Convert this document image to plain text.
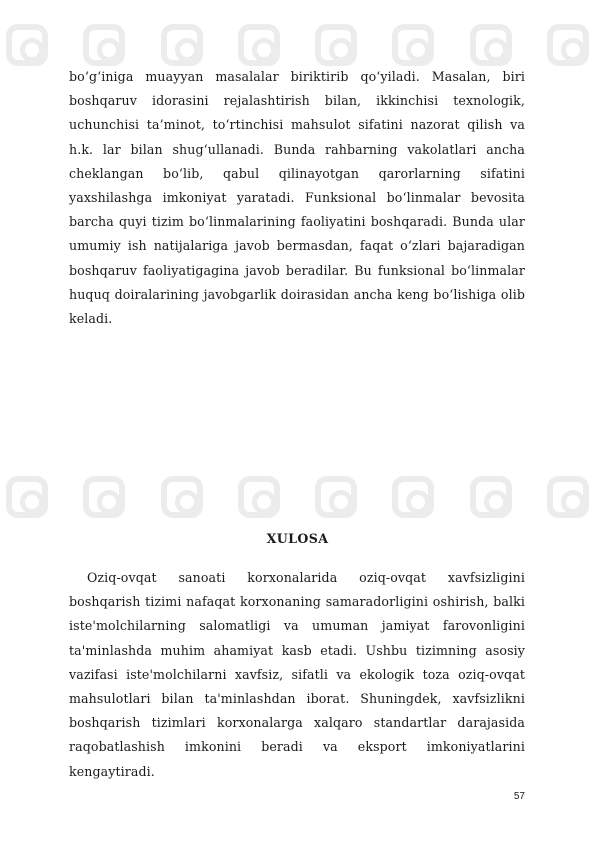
bo‘g‘iniga muayyan masalalar biriktirib qo‘yiladi. Masalan, biri boshqaruv idorasini rejalashtirish bilan, ikkinchisi texnologik, uchunchisi ta’minot, to‘rtinchisi mahsulot sifatini nazorat qilish va h.k. lar bilan shug‘ullanadi. Bunda rahbarning vakolatlari ancha cheklangan bo‘lib, qabul qilinayotgan qarorlarning sifatini yaxshilashga imkoniyat yaratadi. Funksional bo‘linmalar bevosita barcha quyi tizim bo‘linmalarining faoliyatini boshqaradi. Bunda ular umumiy ish natijalariga javob bermasdan, faqat o‘zlari bajaradigan boshqaruv faoliyatigagina javob beradilar. Bu funksional bo‘linmalar huquq doiralarining javobgarlik doirasidan ancha keng bo‘lishiga olib keladi.

XULOSA

Oziq-ovqat sanoati korxonalarida oziq-ovqat xavfsizligini boshqarish tizimi nafaqat korxonaning samaradorligini oshirish, balki iste'molchilarning salomatligi va umuman jamiyat farovonligini ta'minlashda muhim ahamiyat kasb etadi. Ushbu tizimning asosiy vazifasi iste'molchilarni xavfsiz, sifatli va ekologik toza oziq-ovqat mahsulotlari bilan ta'minlashdan iborat. Shuningdek, xavfsizlikni boshqarish tizimlari korxonalarga xalqaro standartlar darajasida raqobatlashish imkonini beradi va eksport imkoniyatlarini kengaytiradi.

57
